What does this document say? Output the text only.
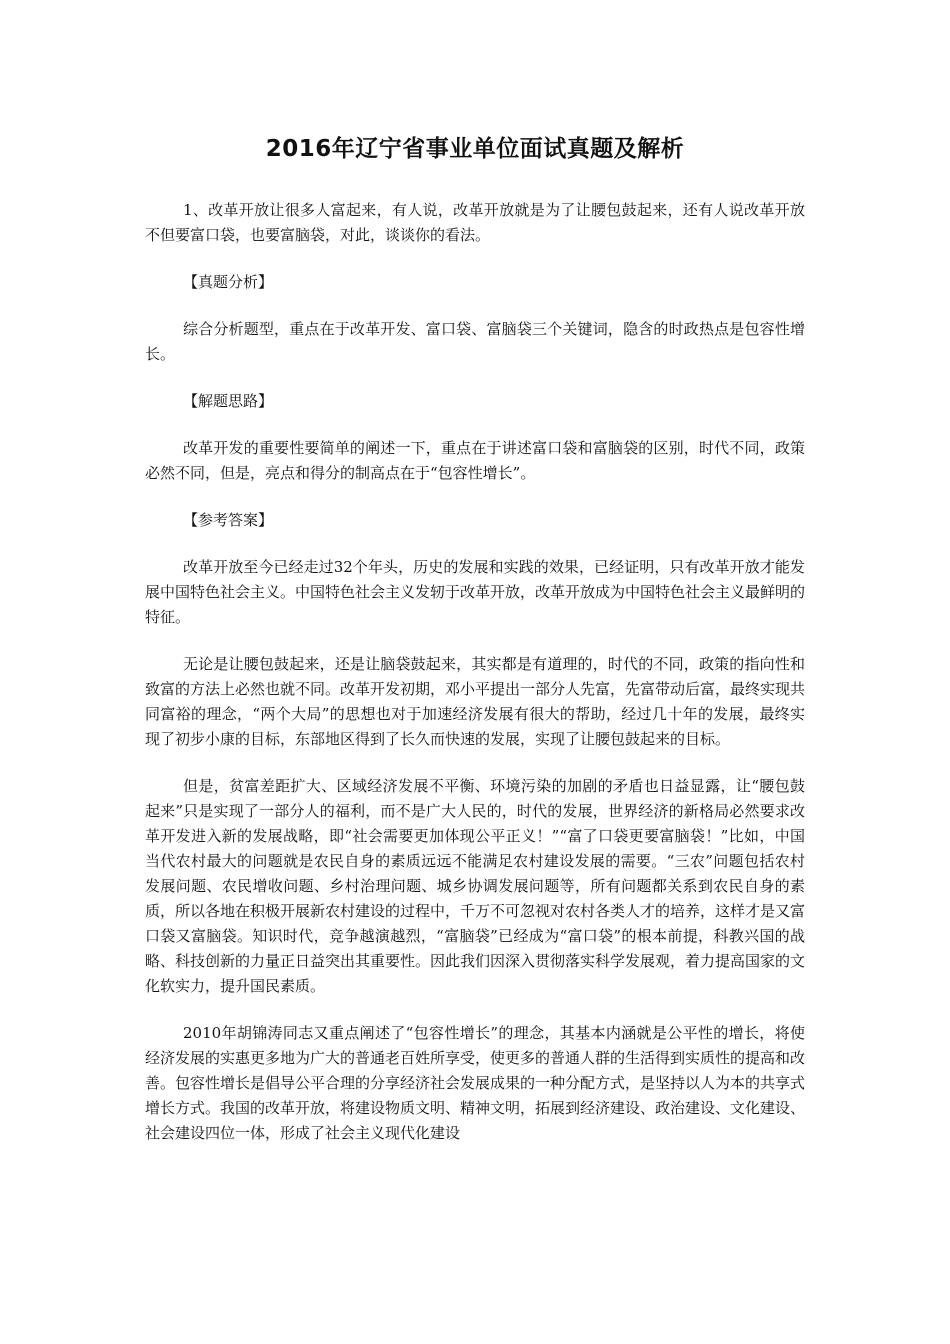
2016年辽宁省事业单位面试真题及解析

1、改革开放让很多人富起来，有人说，改革开放就是为了让腰包鼓起来，还有人说改革开放不但要富口袋，也要富脑袋，对此，谈谈你的看法。

【真题分析】

综合分析题型，重点在于改革开发、富口袋、富脑袋三个关键词，隐含的时政热点是包容性增长。

【解题思路】

改革开发的重要性要简单的阐述一下，重点在于讲述富口袋和富脑袋的区别，时代不同，政策必然不同，但是，亮点和得分的制高点在于“包容性增长”。

【参考答案】

改革开放至今已经走过32个年头，历史的发展和实践的效果，已经证明，只有改革开放才能发展中国特色社会主义。中国特色社会主义发轫于改革开放，改革开放成为中国特色社会主义最鲜明的特征。

无论是让腰包鼓起来，还是让脑袋鼓起来，其实都是有道理的，时代的不同，政策的指向性和致富的方法上必然也就不同。改革开发初期，邓小平提出一部分人先富，先富带动后富，最终实现共同富裕的理念，“两个大局”的思想也对于加速经济发展有很大的帮助，经过几十年的发展，最终实现了初步小康的目标，东部地区得到了长久而快速的发展，实现了让腰包鼓起来的目标。

但是，贫富差距扩大、区域经济发展不平衡、环境污染的加剧的矛盾也日益显露，让“腰包鼓起来”只是实现了一部分人的福利，而不是广大人民的，时代的发展，世界经济的新格局必然要求改革开发进入新的发展战略，即“社会需要更加体现公平正义！”“富了口袋更要富脑袋！”比如，中国当代农村最大的问题就是农民自身的素质远远不能满足农村建设发展的需要。“三农”问题包括农村发展问题、农民增收问题、乡村治理问题、城乡协调发展问题等，所有问题都关系到农民自身的素质，所以各地在积极开展新农村建设的过程中，千万不可忽视对农村各类人才的培养，这样才是又富口袋又富脑袋。知识时代，竞争越演越烈，“富脑袋”已经成为“富口袋”的根本前提，科教兴国的战略、科技创新的力量正日益突出其重要性。因此我们因深入贯彻落实科学发展观，着力提高国家的文化软实力，提升国民素质。

2010年胡锦涛同志又重点阐述了“包容性增长”的理念，其基本内涵就是公平性的增长，将使经济发展的实惠更多地为广大的普通老百姓所享受，使更多的普通人群的生活得到实质性的提高和改善。包容性增长是倡导公平合理的分享经济社会发展成果的一种分配方式，是坚持以人为本的共享式增长方式。我国的改革开放，将建设物质文明、精神文明，拓展到经济建设、政治建设、文化建设、社会建设四位一体，形成了社会主义现代化建设
